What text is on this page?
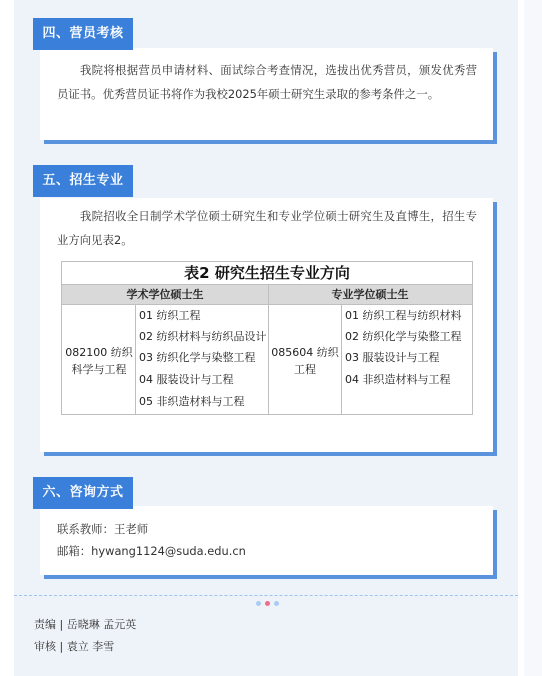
四、营员考核
我院将根据营员申请材料、面试综合考查情况，选拔出优秀营员，颁发优秀营员证书。优秀营员证书将作为我校2025年硕士研究生录取的参考条件之一。
五、招生专业
我院招收全日制学术学位硕士研究生和专业学位硕士研究生及直博生，招生专业方向见表2。
表2 研究生招生专业方向
学术学位硕士生	专业学位硕士生
082100 纺织科学与工程
085604 纺织工程
01 纺织工程
02 纺织材料与纺织品设计
03 纺织化学与染整工程
04 服装设计与工程
05 非织造材料与工程
01 纺织工程与纺织材料
02 纺织化学与染整工程
03 服装设计与工程
04 非织造材料与工程
六、咨询方式
联系教师：王老师
邮箱：hywang1124@suda.edu.cn
责编 | 岳晓琳 孟元英
审核 | 袁立 李雪
